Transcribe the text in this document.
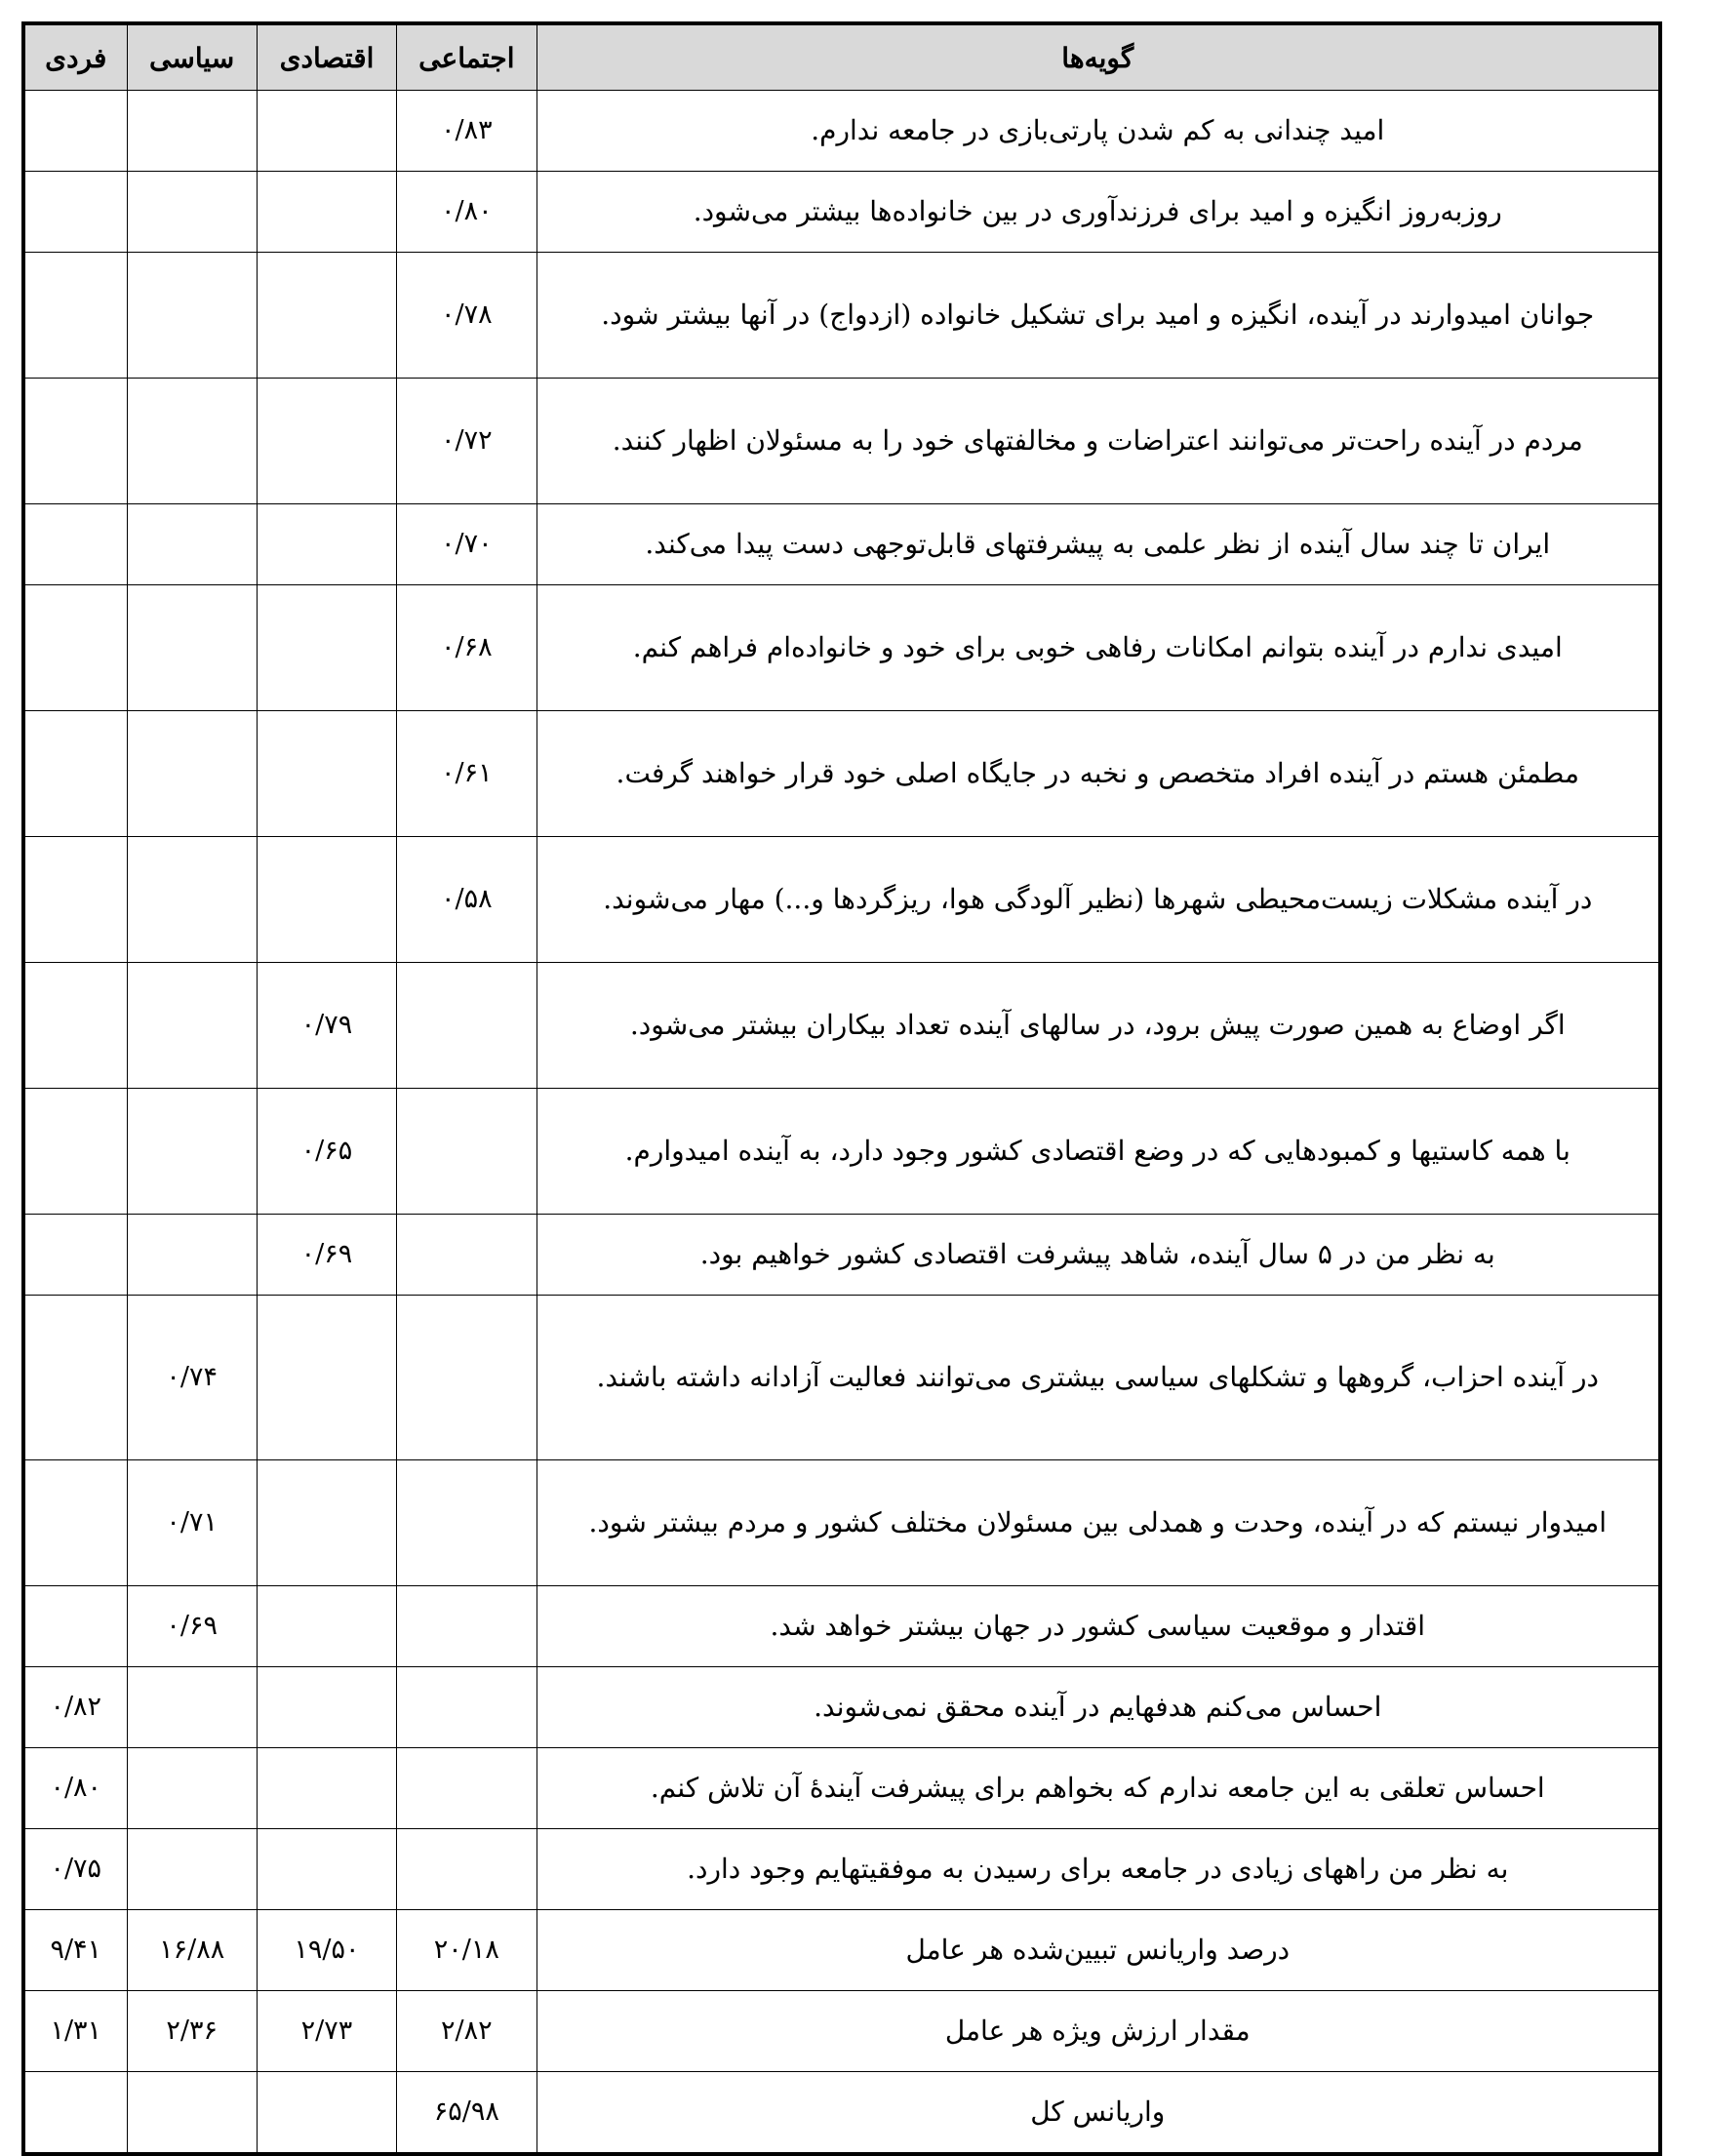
گویه‌ها	اجتماعی	اقتصادی	سیاسی	فردی
امید چندانی به کم شدن پارتی‌بازی در جامعه ندارم.	۰/۸۳			
روزبه‌روز انگیزه و امید برای فرزندآوری در بین خانواده‌ها بیشتر می‌شود.	۰/۸۰			
جوانان امیدوارند در آینده، انگیزه و امید برای تشکیل خانواده (ازدواج) در آنها بیشتر شود.	۰/۷۸			
مردم در آینده راحت‌تر می‌توانند اعتراضات و مخالفتهای خود را به مسئولان اظهار کنند.	۰/۷۲			
ایران تا چند سال آینده از نظر علمی به پیشرفتهای قابل‌توجهی دست پیدا می‌کند.	۰/۷۰			
امیدی ندارم در آینده بتوانم امکانات رفاهی خوبی برای خود و خانواده‌ام فراهم کنم.	۰/۶۸			
مطمئن هستم در آینده افراد متخصص و نخبه در جایگاه اصلی خود قرار خواهند گرفت.	۰/۶۱			
در آینده مشکلات زیست‌محیطی شهرها (نظیر آلودگی هوا، ریزگردها و...) مهار می‌شوند.	۰/۵۸			
اگر اوضاع به همین صورت پیش برود، در سالهای آینده تعداد بیکاران بیشتر می‌شود.		۰/۷۹		
با همه کاستیها و کمبودهایی که در وضع اقتصادی کشور وجود دارد، به آینده امیدوارم.		۰/۶۵		
به نظر من در ۵ سال آینده، شاهد پیشرفت اقتصادی کشور خواهیم بود.		۰/۶۹		
در آینده احزاب، گروهها و تشکلهای سیاسی بیشتری می‌توانند فعالیت آزادانه داشته باشند.			۰/۷۴	
امیدوار نیستم که در آینده، وحدت و همدلی بین مسئولان مختلف کشور و مردم بیشتر شود.			۰/۷۱	
اقتدار و موقعیت سیاسی کشور در جهان بیشتر خواهد شد.			۰/۶۹	
احساس می‌کنم هدفهایم در آینده محقق نمی‌شوند.				۰/۸۲
احساس تعلقی به این جامعه ندارم که بخواهم برای پیشرفت آیندهٔ آن تلاش کنم.				۰/۸۰
به نظر من راههای زیادی در جامعه برای رسیدن به موفقیتهایم وجود دارد.				۰/۷۵
درصد واریانس تبیین‌شده هر عامل	۲۰/۱۸	۱۹/۵۰	۱۶/۸۸	۹/۴۱
مقدار ارزش ویژه هر عامل	۲/۸۲	۲/۷۳	۲/۳۶	۱/۳۱
واریانس کل	۶۵/۹۸			
